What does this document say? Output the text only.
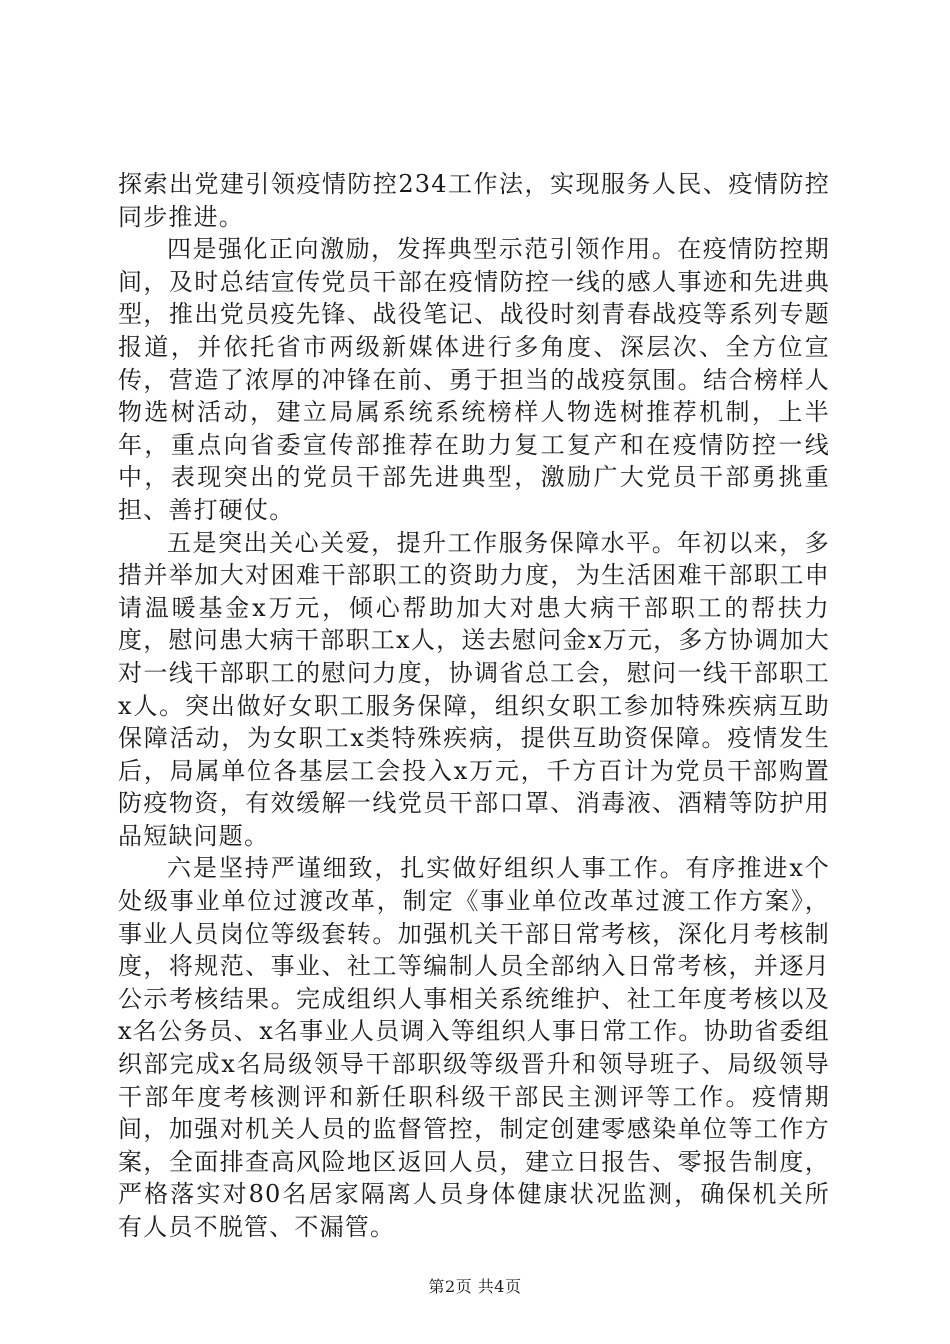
探索出党建引领疫情防控234工作法，实现服务人民、疫情防控同步推进。

四是强化正向激励，发挥典型示范引领作用。在疫情防控期间，及时总结宣传党员干部在疫情防控一线的感人事迹和先进典型，推出党员疫先锋、战役笔记、战役时刻青春战疫等系列专题报道，并依托省市两级新媒体进行多角度、深层次、全方位宣传，营造了浓厚的冲锋在前、勇于担当的战疫氛围。结合榜样人物选树活动，建立局属系统系统榜样人物选树推荐机制，上半年，重点向省委宣传部推荐在助力复工复产和在疫情防控一线中，表现突出的党员干部先进典型，激励广大党员干部勇挑重担、善打硬仗。

五是突出关心关爱，提升工作服务保障水平。年初以来，多措并举加大对困难干部职工的资助力度，为生活困难干部职工申请温暖基金x万元，倾心帮助加大对患大病干部职工的帮扶力度，慰问患大病干部职工x人，送去慰问金x万元，多方协调加大对一线干部职工的慰问力度，协调省总工会，慰问一线干部职工x人。突出做好女职工服务保障，组织女职工参加特殊疾病互助保障活动，为女职工x类特殊疾病，提供互助资保障。疫情发生后，局属单位各基层工会投入x万元，千方百计为党员干部购置防疫物资，有效缓解一线党员干部口罩、消毒液、酒精等防护用品短缺问题。

六是坚持严谨细致，扎实做好组织人事工作。有序推进x个处级事业单位过渡改革，制定《事业单位改革过渡工作方案》，事业人员岗位等级套转。加强机关干部日常考核，深化月考核制度，将规范、事业、社工等编制人员全部纳入日常考核，并逐月公示考核结果。完成组织人事相关系统维护、社工年度考核以及x名公务员、x名事业人员调入等组织人事日常工作。协助省委组织部完成x名局级领导干部职级等级晋升和领导班子、局级领导干部年度考核测评和新任职科级干部民主测评等工作。疫情期间，加强对机关人员的监督管控，制定创建零感染单位等工作方案，全面排查高风险地区返回人员，建立日报告、零报告制度，严格落实对80名居家隔离人员身体健康状况监测，确保机关所有人员不脱管、不漏管。

第2页 共4页
